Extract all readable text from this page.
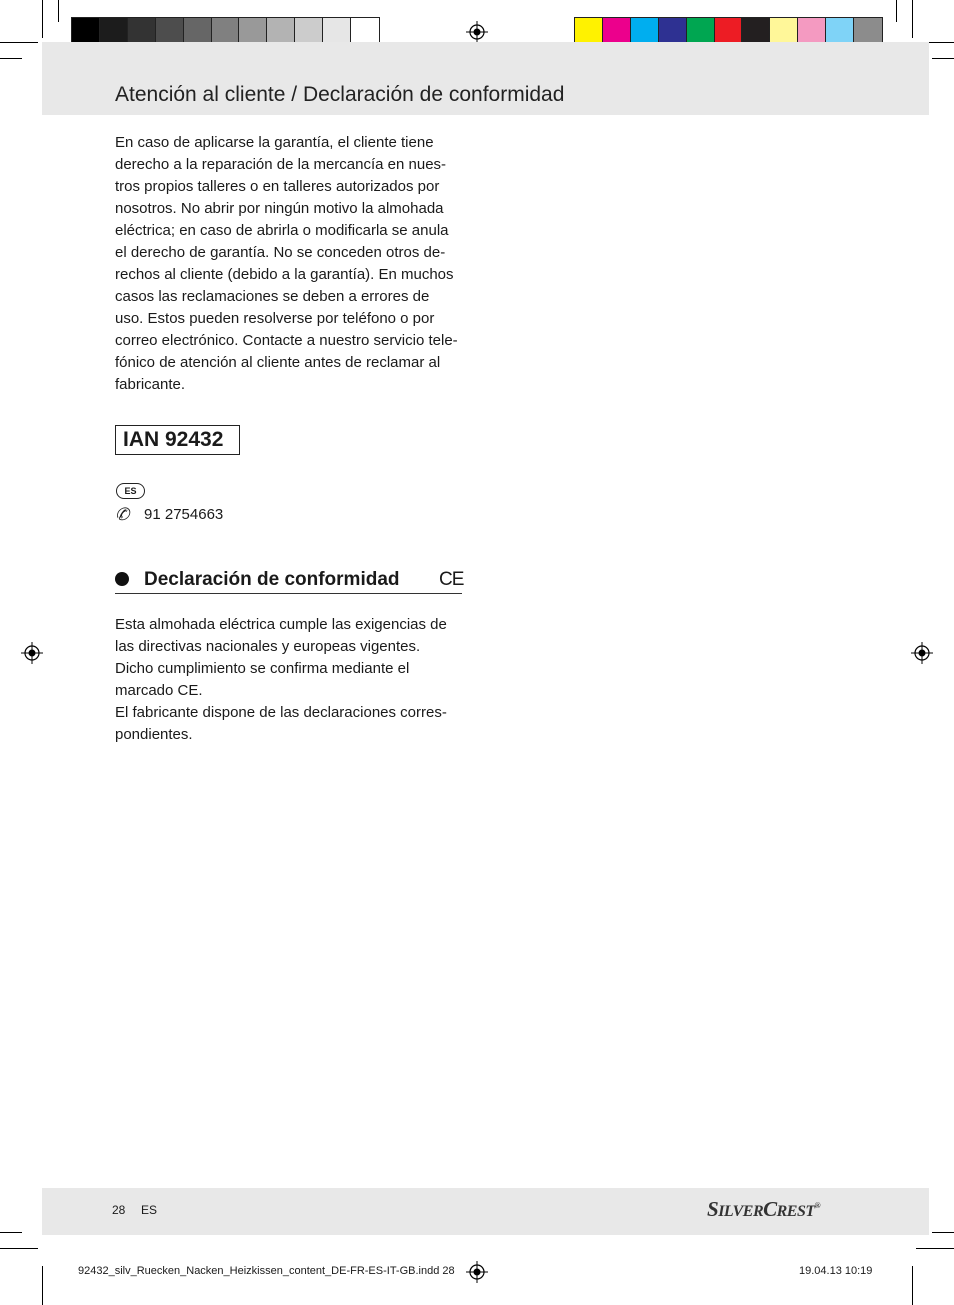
Atención al cliente / Declaración de conformidad

En caso de aplicarse la garantía, el cliente tiene

derecho a la reparación de la mercancía en nues-

tros propios talleres o en talleres autorizados por

nosotros. No abrir por ningún motivo la almohada

eléctrica; en caso de abrirla o modificarla se anula

el derecho de garantía. No se conceden otros de-

rechos al cliente (debido a la garantía). En muchos

casos las reclamaciones se deben a errores de

uso. Estos pueden resolverse por teléfono o por

correo electrónico. Contacte a nuestro servicio tele-

fónico de atención al cliente antes de reclamar al

fabricante.

IAN 92432
ES
✆ 91 2754663
Declaración de conformidad CE

Esta almohada eléctrica cumple las exigencias de

las directivas nacionales y europeas vigentes.

Dicho cumplimiento se confirma mediante el

marcado CE.

El fabricante dispone de las declaraciones corres-

pondientes.

28 ES	SILVERCREST®
92432_silv_Ruecken_Nacken_Heizkissen_content_DE-FR-ES-IT-GB.indd 28	19.04.13 10:19
